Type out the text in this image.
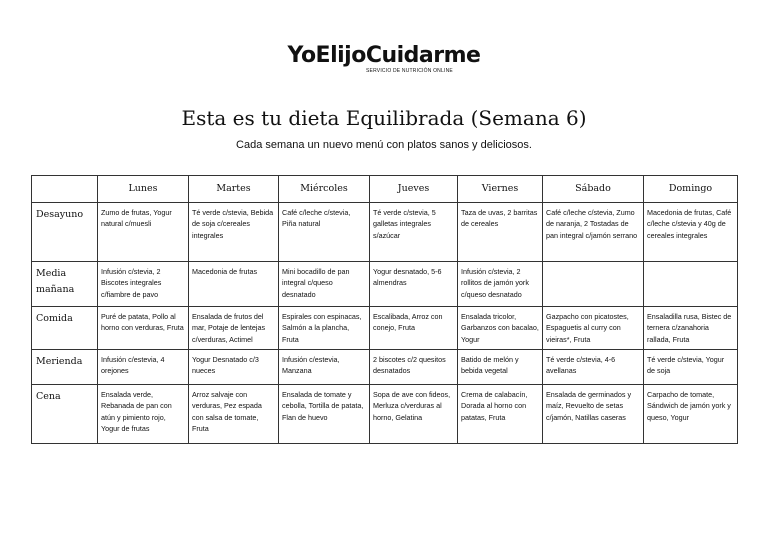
YoElijoCuidarme
SERVICIO DE NUTRICIÓN ONLINE
Esta es tu dieta Equilibrada (Semana 6)
Cada semana un nuevo menú con platos sanos y deliciosos.
	Lunes	Martes	Miércoles	Jueves	Viernes	Sábado	Domingo
Desayuno	Zumo de frutas, Yogur natural c/muesli	Té verde c/stevia, Bebida de soja c/cereales integrales	Café c/leche c/stevia, Piña natural	Té verde c/stevia, 5 galletas integrales s/azúcar	Taza de uvas, 2 barritas de cereales	Café c/leche c/stevia, Zumo de naranja, 2 Tostadas de pan integral c/jamón serrano	Macedonia de frutas, Café c/leche c/stevia y 40g de cereales integrales
Media mañana	Infusión c/stevia, 2 Biscotes integrales c/fiambre de pavo	Macedonia de frutas	Mini bocadillo de pan integral c/queso desnatado	Yogur desnatado, 5-6 almendras	Infusión c/stevia, 2 rollitos de jamón york c/queso desnatado		
Comida	Puré de patata, Pollo al horno con verduras, Fruta	Ensalada de frutos del mar, Potaje de lentejas c/verduras, Actimel	Espirales con espinacas, Salmón a la plancha, Fruta	Escalibada, Arroz con conejo, Fruta	Ensalada tricolor, Garbanzos con bacalao, Yogur	Gazpacho con picatostes, Espaguetis al curry con vieiras*, Fruta	Ensaladilla rusa, Bistec de ternera c/zanahoria rallada, Fruta
Merienda	Infusión c/estevia, 4 orejones	Yogur Desnatado c/3 nueces	Infusión c/estevia, Manzana	2 biscotes c/2 quesitos desnatados	Batido de melón y bebida vegetal	Té verde c/stevia, 4-6 avellanas	Té verde c/stevia, Yogur de soja
Cena	Ensalada verde, Rebanada de pan con atún y pimiento rojo, Yogur de frutas	Arroz salvaje con verduras, Pez espada con salsa de tomate, Fruta	Ensalada de tomate y cebolla, Tortilla de patata, Flan de huevo	Sopa de ave con fideos, Merluza c/verduras al horno, Gelatina	Crema de calabacín, Dorada al horno con patatas, Fruta	Ensalada de germinados y maíz, Revuelto de setas c/jamón, Natillas caseras	Carpacho de tomate, Sándwich de jamón york y queso, Yogur
